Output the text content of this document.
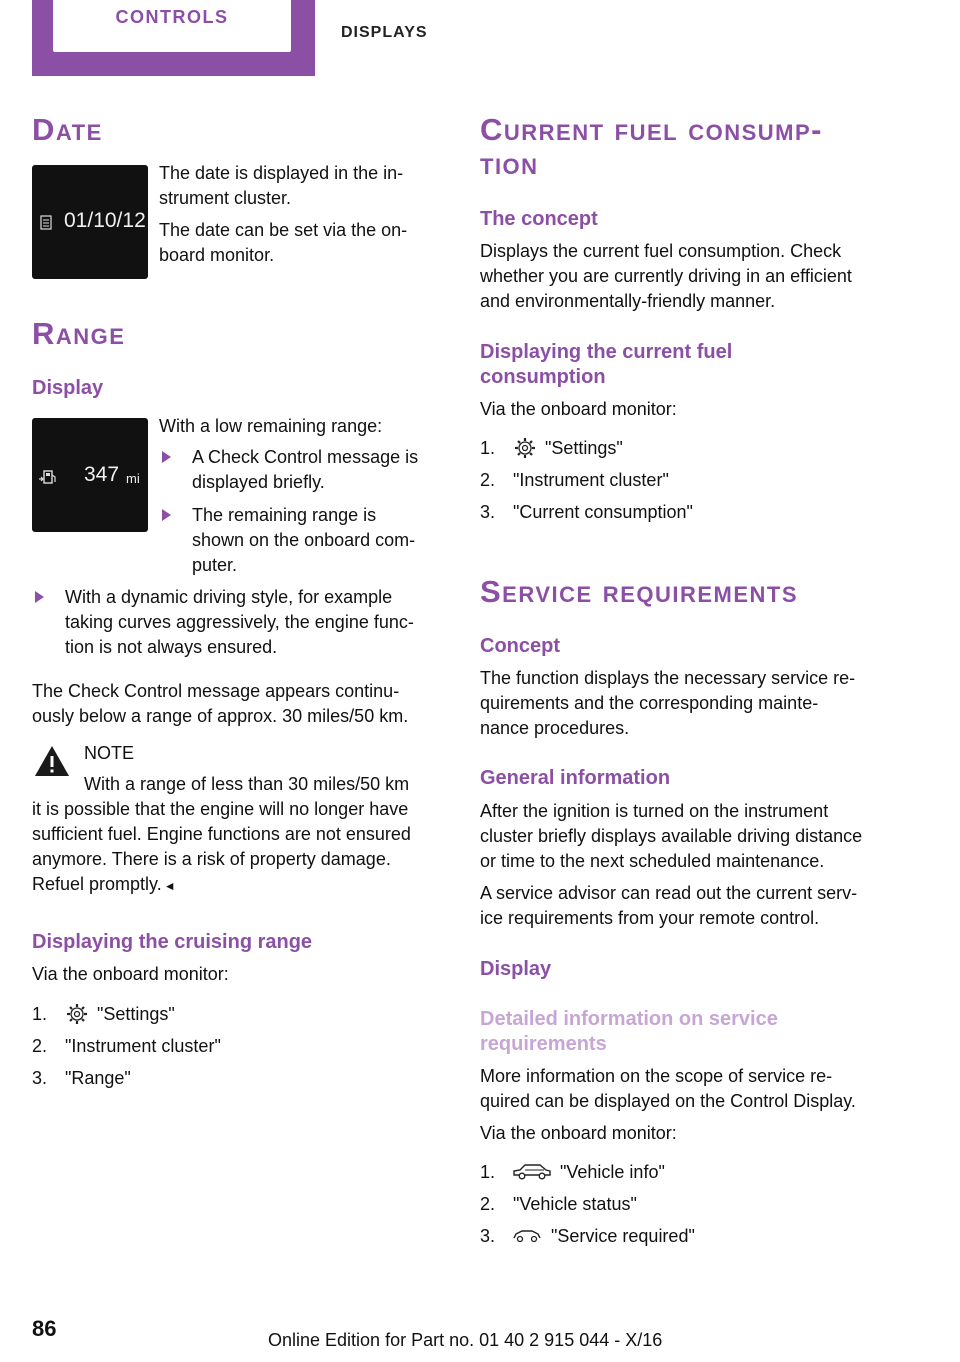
CONTROLS
DISPLAYS
Date
01/10/12
The date is displayed in the in-
strument cluster.
The date can be set via the on-
board monitor.
Range
Display
347 mi
With a low remaining range:
A Check Control message is
displayed briefly.
The remaining range is
shown on the onboard com-
puter.
With a dynamic driving style, for example
taking curves aggressively, the engine func-
tion is not always ensured.
The Check Control message appears continu-
ously below a range of approx. 30 miles/50 km.
NOTE
With a range of less than 30 miles/50 km
it is possible that the engine will no longer have
sufficient fuel. Engine functions are not ensured
anymore. There is a risk of property damage.
Refuel promptly. ◄
Displaying the cruising range
Via the onboard monitor:
1.	"Settings"
2. "Instrument cluster"
3. "Range"
Current fuel consump-
tion
The concept
Displays the current fuel consumption. Check
whether you are currently driving in an efficient
and environmentally-friendly manner.
Displaying the current fuel
consumption
Via the onboard monitor:
1.	"Settings"
2. "Instrument cluster"
3. "Current consumption"
Service requirements
Concept
The function displays the necessary service re-
quirements and the corresponding mainte-
nance procedures.
General information
After the ignition is turned on the instrument
cluster briefly displays available driving distance
or time to the next scheduled maintenance.
A service advisor can read out the current serv-
ice requirements from your remote control.
Display
Detailed information on service
requirements
More information on the scope of service re-
quired can be displayed on the Control Display.
Via the onboard monitor:
1.	"Vehicle info"
2. "Vehicle status"
3.	"Service required"
86	Online Edition for Part no. 01 40 2 915 044 - X/16
